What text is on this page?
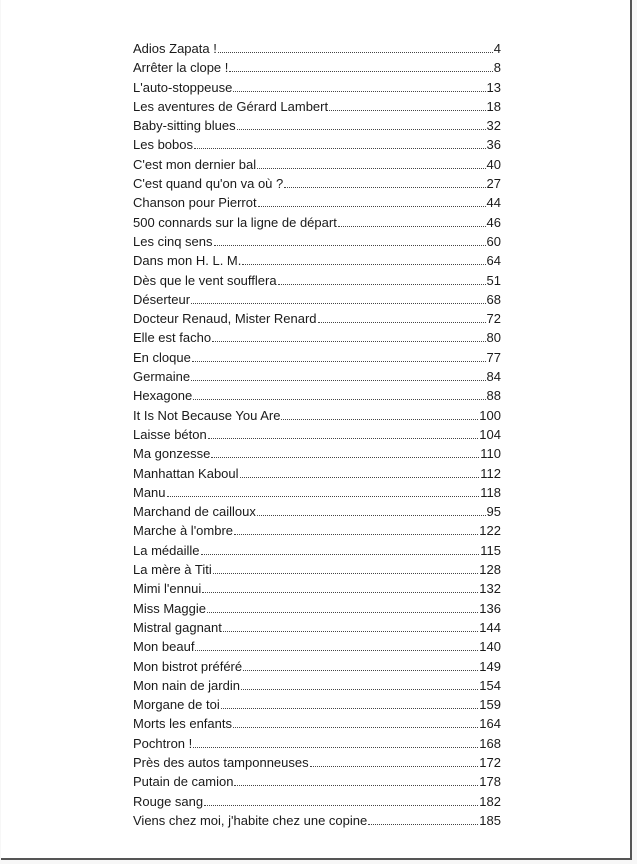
Adios Zapata !	4
Arrêter la clope !	8
L'auto-stoppeuse	13
Les aventures de Gérard Lambert	18
Baby-sitting blues	32
Les bobos	36
C'est mon dernier bal	40
C'est quand qu'on va où ?	27
Chanson pour Pierrot	44
500 connards sur la ligne de départ	46
Les cinq sens	60
Dans mon H. L. M.	64
Dès que le vent soufflera	51
Déserteur	68
Docteur Renaud, Mister Renard	72
Elle est facho	80
En cloque	77
Germaine	84
Hexagone	88
It Is Not Because You Are	100
Laisse béton	104
Ma gonzesse	110
Manhattan Kaboul	112
Manu	118
Marchand de cailloux	95
Marche à l'ombre	122
La médaille	115
La mère à Titi	128
Mimi l'ennui	132
Miss Maggie	136
Mistral gagnant	144
Mon beauf	140
Mon bistrot préféré	149
Mon nain de jardin	154
Morgane de toi	159
Morts les enfants	164
Pochtron !	168
Près des autos tamponneuses	172
Putain de camion	178
Rouge sang	182
Viens chez moi, j'habite chez une copine	185
